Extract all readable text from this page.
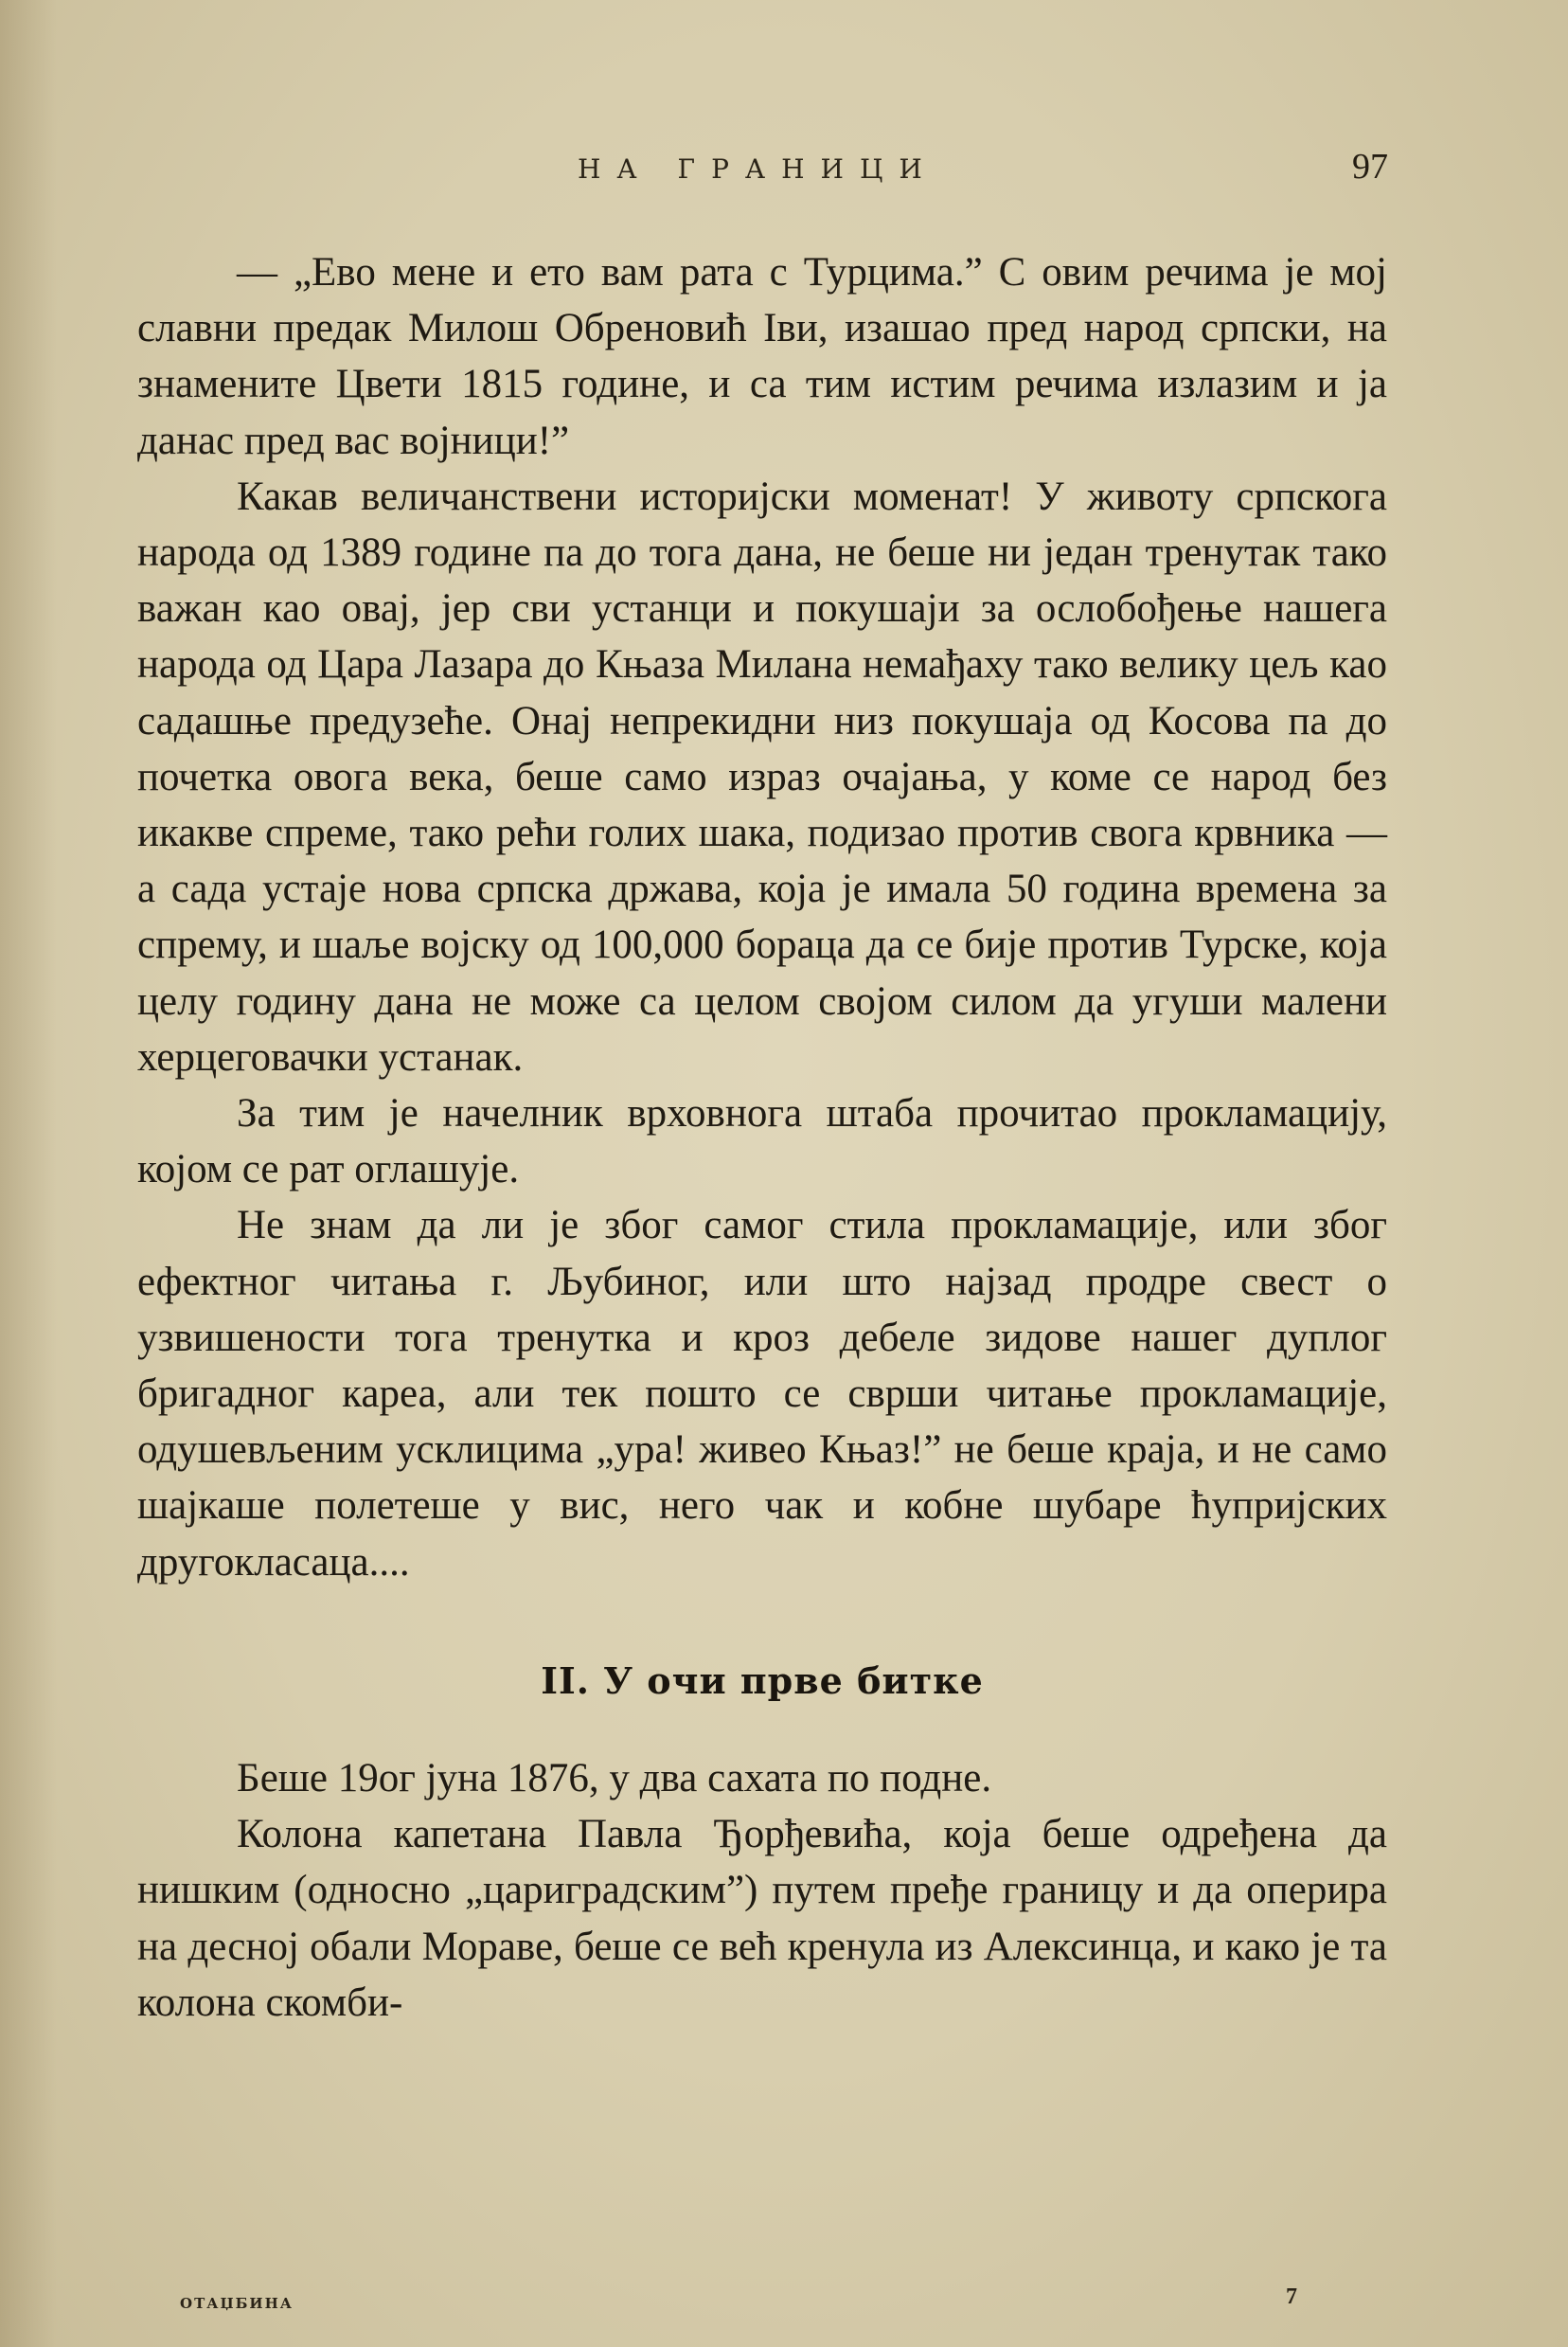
НА ГРАНИЦИ	97

— „Ево мене и ето вам рата с Турцима.” С овим речима је мој славни предак Милош Обреновић Iви, изашао пред народ српски, на знамените Цвети 1815 године, и са тим истим речима излазим и ја данас пред вас војници!”

Какав величанствени историјски моменат! У животу српскога народа од 1389 године па до тога дана, не беше ни један тренутак тако важан као овај, јер сви устанци и покушаји за ослобођење нашега народа од Цара Лазара до Књаза Милана немађаху тако велику цељ као садашње предузеће. Онај непрекидни низ покушаја од Косова па до почетка овога века, беше само израз очајања, у коме се народ без икакве спреме, тако рећи голих шака, подизао против свога крвника — а сада устаје нова српска држава, која је имала 50 година времена за спрему, и шаље војску од 100,000 бораца да се бије против Турске, која целу годину дана не може са целом својом силом да угуши малени херцеговачки устанак.

За тим је начелник врховнога штаба прочитао прокламацију, којом се рат оглашује.

Не знам да ли је због самог стила прокламације, или због ефектног читања г. Љубиног, или што најзад продре свест о узвишености тога тренутка и кроз дебеле зидове нашег дуплог бригадног кареа, али тек пошто се сврши читање прокламације, одушевљеним усклицима „ура! живео Књаз!” не беше краја, и не само шајкаше полетеше у вис, него чак и кобне шубаре ћупријских другокласаца....

II. У очи прве битке

Беше 19ог јуна 1876, у два сахата по подне.

Колона капетана Павла Ђорђевића, која беше одређена да нишким (односно „цариградским”) путем пређе границу и да оперира на десној обали Мораве, беше се већ кренула из Алексинца, и како је та колона скомби-

ОТАЏБИНА	7
